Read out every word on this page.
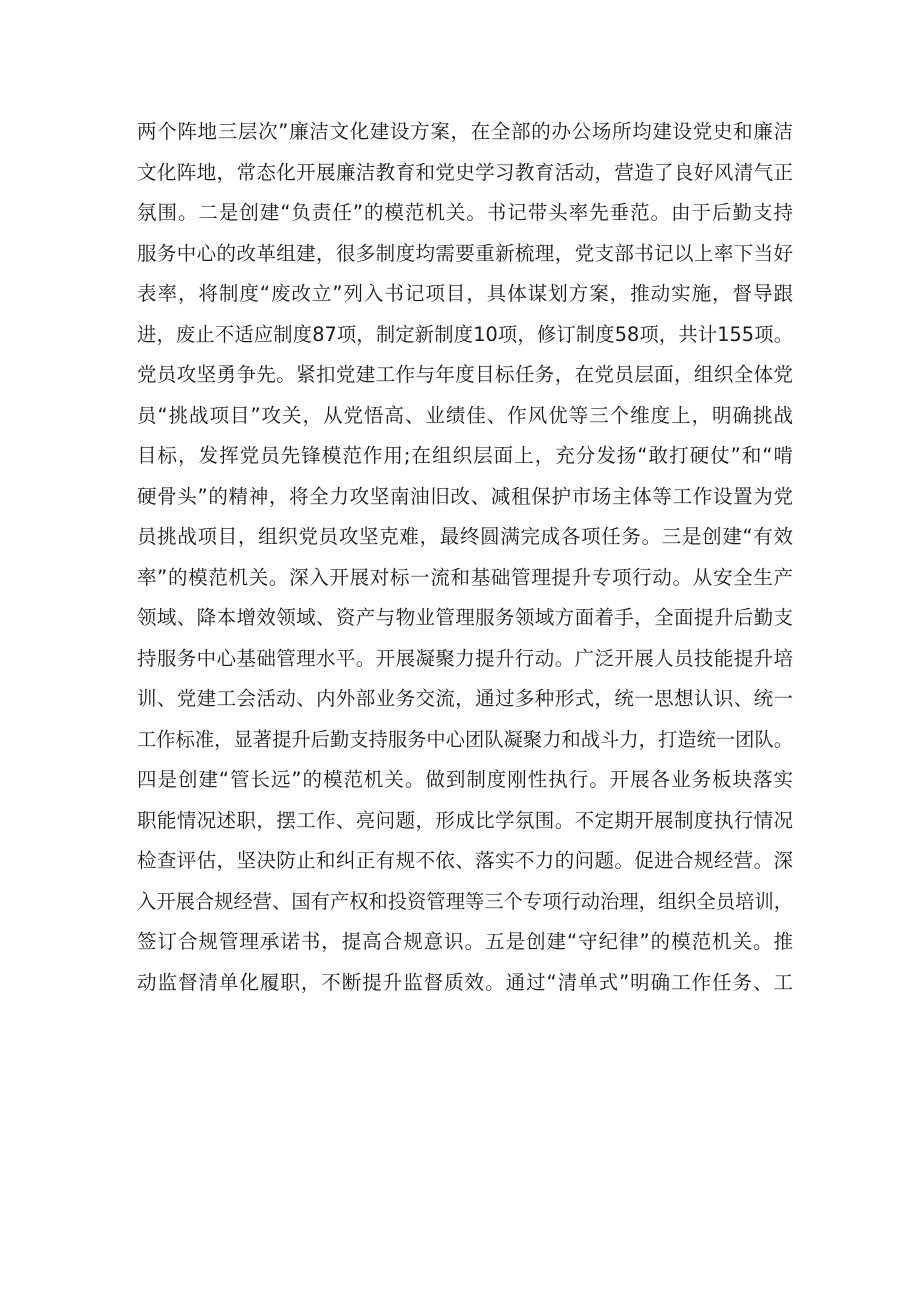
两个阵地三层次”廉洁文化建设方案，在全部的办公场所均建设党史和廉洁
文化阵地，常态化开展廉洁教育和党史学习教育活动，营造了良好风清气正
氛围。二是创建“负责任”的模范机关。书记带头率先垂范。由于后勤支持
服务中心的改革组建，很多制度均需要重新梳理，党支部书记以上率下当好
表率，将制度“废改立”列入书记项目，具体谋划方案，推动实施，督导跟
进，废止不适应制度87项，制定新制度10项，修订制度58项，共计155项。
党员攻坚勇争先。紧扣党建工作与年度目标任务，在党员层面，组织全体党
员“挑战项目”攻关，从党悟高、业绩佳、作风优等三个维度上，明确挑战
目标，发挥党员先锋模范作用;在组织层面上，充分发扬“敢打硬仗”和“啃
硬骨头”的精神，将全力攻坚南油旧改、减租保护市场主体等工作设置为党
员挑战项目，组织党员攻坚克难，最终圆满完成各项任务。三是创建“有效
率”的模范机关。深入开展对标一流和基础管理提升专项行动。从安全生产
领域、降本增效领域、资产与物业管理服务领域方面着手，全面提升后勤支
持服务中心基础管理水平。开展凝聚力提升行动。广泛开展人员技能提升培
训、党建工会活动、内外部业务交流，通过多种形式，统一思想认识、统一
工作标准，显著提升后勤支持服务中心团队凝聚力和战斗力，打造统一团队。
四是创建“管长远”的模范机关。做到制度刚性执行。开展各业务板块落实
职能情况述职，摆工作、亮问题，形成比学氛围。不定期开展制度执行情况
检查评估，坚决防止和纠正有规不依、落实不力的问题。促进合规经营。深
入开展合规经营、国有产权和投资管理等三个专项行动治理，组织全员培训，
签订合规管理承诺书，提高合规意识。五是创建“守纪律”的模范机关。推
动监督清单化履职，不断提升监督质效。通过“清单式”明确工作任务、工
